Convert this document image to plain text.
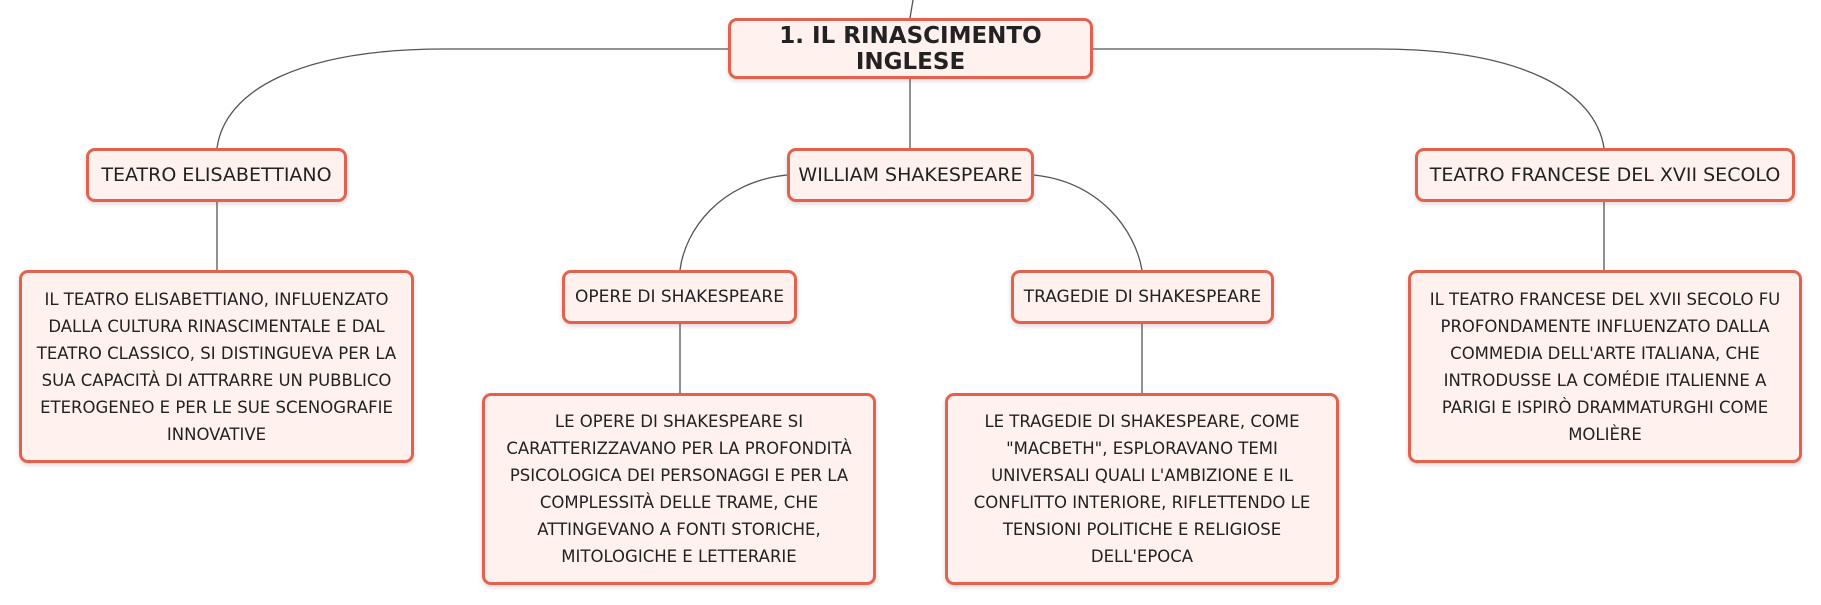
1. IL RINASCIMENTO INGLESE
TEATRO ELISABETTIANO	WILLIAM SHAKESPEARE	TEATRO FRANCESE DEL XVII SECOLO
OPERE DI SHAKESPEARE	TRAGEDIE DI SHAKESPEARE
IL TEATRO ELISABETTIANO, INFLUENZATO DALLA CULTURA RINASCIMENTALE E DAL TEATRO CLASSICO, SI DISTINGUEVA PER LA SUA CAPACITÀ DI ATTRARRE UN PUBBLICO ETEROGENEO E PER LE SUE SCENOGRAFIE INNOVATIVE
LE OPERE DI SHAKESPEARE SI CARATTERIZZAVANO PER LA PROFONDITÀ PSICOLOGICA DEI PERSONAGGI E PER LA COMPLESSITÀ DELLE TRAME, CHE ATTINGEVANO A FONTI STORICHE, MITOLOGICHE E LETTERARIE
LE TRAGEDIE DI SHAKESPEARE, COME "MACBETH", ESPLORAVANO TEMI UNIVERSALI QUALI L'AMBIZIONE E IL CONFLITTO INTERIORE, RIFLETTENDO LE TENSIONI POLITICHE E RELIGIOSE DELL'EPOCA
IL TEATRO FRANCESE DEL XVII SECOLO FU PROFONDAMENTE INFLUENZATO DALLA COMMEDIA DELL'ARTE ITALIANA, CHE INTRODUSSE LA COMÉDIE ITALIENNE A PARIGI E ISPIRÒ DRAMMATURGHI COME MOLIÈRE
